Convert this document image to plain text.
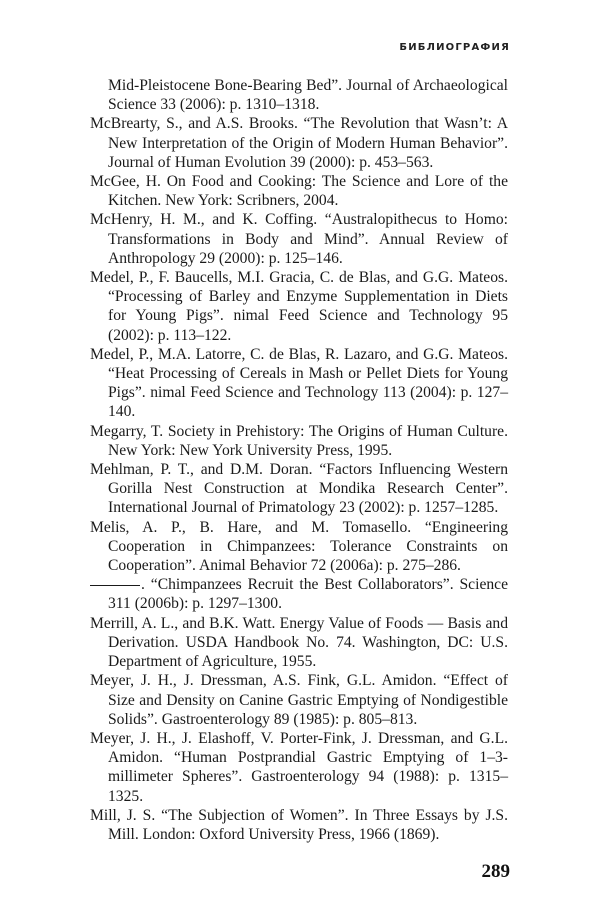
БИБЛИОГРАФИЯ

Mid-Pleistocene Bone-Bearing Bed”. Journal of Archaeological Science 33 (2006): p. 1310–1318.

McBrearty, S., and A.S. Brooks. “The Revolution that Wasn’t: A New Interpretation of the Origin of Modern Human Behavior”. Journal of Human Evolution 39 (2000): p. 453–563.

McGee, H. On Food and Cooking: The Science and Lore of the Kitchen. New York: Scribners, 2004.

McHenry, H. M., and K. Coffing. “Australopithecus to Homo: Transformations in Body and Mind”. Annual Review of Anthropology 29 (2000): p. 125–146.

Medel, P., F. Baucells, M.I. Gracia, C. de Blas, and G.G. Mateos. “Processing of Barley and Enzyme Supplementation in Diets for Young Pigs”. nimal Feed Science and Technology 95 (2002): p. 113–122.

Medel, P., M.A. Latorre, C. de Blas, R. Lazaro, and G.G. Mateos. “Heat Processing of Cereals in Mash or Pellet Diets for Young Pigs”. nimal Feed Science and Technology 113 (2004): p. 127–140.

Megarry, T. Society in Prehistory: The Origins of Human Culture. New York: New York University Press, 1995.

Mehlman, P. T., and D.M. Doran. “Factors Influencing Western Gorilla Nest Construction at Mondika Research Center”. International Journal of Primatology 23 (2002): p. 1257–1285.

Melis, A. P., B. Hare, and M. Tomasello. “Engineering Cooperation in Chimpanzees: Tolerance Constraints on Cooperation”. Animal Behavior 72 (2006a): p. 275–286.

. “Chimpanzees Recruit the Best Collaborators”. Science 311 (2006b): p. 1297–1300.

Merrill, A. L., and B.K. Watt. Energy Value of Foods — Basis and Derivation. USDA Handbook No. 74. Washington, DC: U.S. Department of Agriculture, 1955.

Meyer, J. H., J. Dressman, A.S. Fink, G.L. Amidon. “Effect of Size and Density on Canine Gastric Emptying of Nondigestible Solids”. Gastroenterology 89 (1985): p. 805–813.

Meyer, J. H., J. Elashoff, V. Porter-Fink, J. Dressman, and G.L. Amidon. “Human Postprandial Gastric Emptying of 1–3-millimeter Spheres”. Gastroenterology 94 (1988): p. 1315–1325.

Mill, J. S. “The Subjection of Women”. In Three Essays by J.S. Mill. London: Oxford University Press, 1966 (1869).

289
